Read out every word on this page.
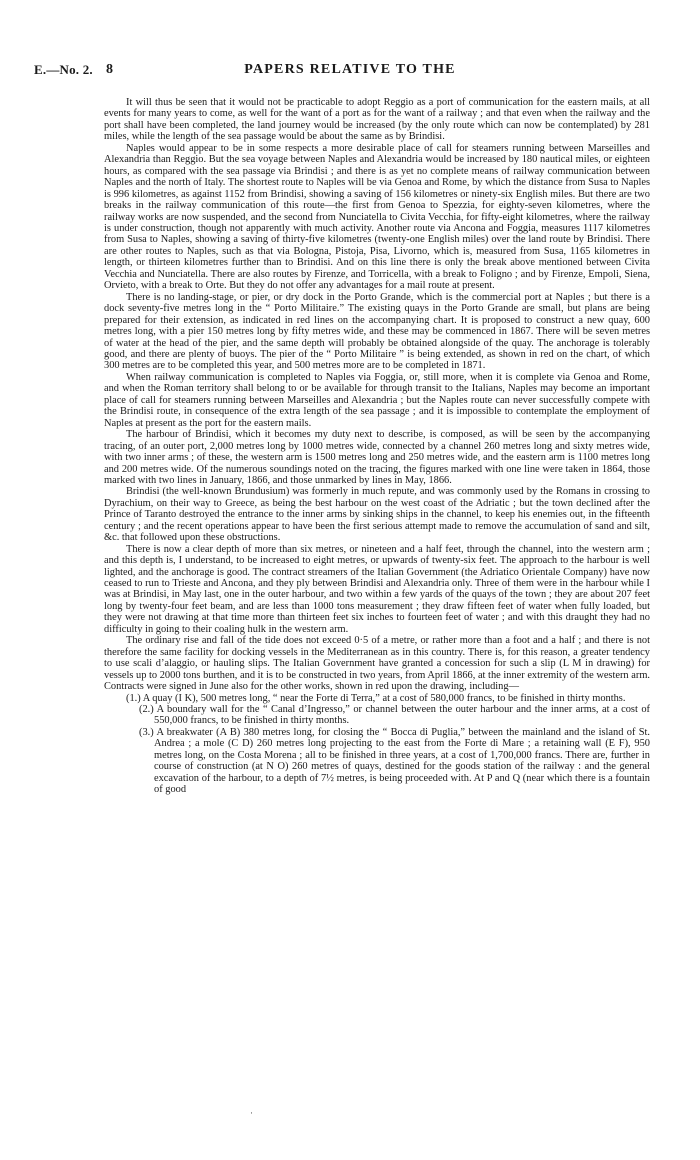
E.—No. 2. 8	PAPERS RELATIVE TO THE

It will thus be seen that it would not be practicable to adopt Reggio as a port of communication for the eastern mails, at all events for many years to come, as well for the want of a port as for the want of a railway ; and that even when the railway and the port shall have been completed, the land journey would be increased (by the only route which can now be contemplated) by 281 miles, while the length of the sea passage would be about the same as by Brindisi.

Naples would appear to be in some respects a more desirable place of call for steamers running between Marseilles and Alexandria than Reggio. But the sea voyage between Naples and Alexandria would be increased by 180 nautical miles, or eighteen hours, as compared with the sea passage via Brindisi ; and there is as yet no complete means of railway communication between Naples and the north of Italy. The shortest route to Naples will be via Genoa and Rome, by which the distance from Susa to Naples is 996 kilometres, as against 1152 from Brindisi, showing a saving of 156 kilometres or ninety-six English miles. But there are two breaks in the railway communication of this route—the first from Genoa to Spezzia, for eighty-seven kilometres, where the railway works are now suspended, and the second from Nunciatella to Civita Vecchia, for fifty-eight kilometres, where the railway is under construction, though not apparently with much activity. Another route via Ancona and Foggia, measures 1117 kilometres from Susa to Naples, showing a saving of thirty-five kilometres (twenty-one English miles) over the land route by Brindisi. There are other routes to Naples, such as that via Bologna, Pistoja, Pisa, Livorno, which is, measured from Susa, 1165 kilometres in length, or thirteen kilometres further than to Brindisi. And on this line there is only the break above mentioned between Civita Vecchia and Nunciatella. There are also routes by Firenze, and Torricella, with a break to Foligno ; and by Firenze, Empoli, Siena, Orvieto, with a break to Orte. But they do not offer any advantages for a mail route at present.

There is no landing-stage, or pier, or dry dock in the Porto Grande, which is the commercial port at Naples ; but there is a dock seventy-five metres long in the “ Porto Militaire.” The existing quays in the Porto Grande are small, but plans are being prepared for their extension, as indicated in red lines on the accompanying chart. It is proposed to construct a new quay, 600 metres long, with a pier 150 metres long by fifty metres wide, and these may be commenced in 1867. There will be seven metres of water at the head of the pier, and the same depth will probably be obtained alongside of the quay. The anchorage is tolerably good, and there are plenty of buoys. The pier of the “ Porto Militaire ” is being extended, as shown in red on the chart, of which 300 metres are to be completed this year, and 500 metres more are to be completed in 1871.

When railway communication is completed to Naples via Foggia, or, still more, when it is complete via Genoa and Rome, and when the Roman territory shall belong to or be available for through transit to the Italians, Naples may become an important place of call for steamers running between Marseilles and Alexandria ; but the Naples route can never successfully compete with the Brindisi route, in consequence of the extra length of the sea passage ; and it is impossible to contemplate the employment of Naples at present as the port for the eastern mails.

The harbour of Brindisi, which it becomes my duty next to describe, is composed, as will be seen by the accompanying tracing, of an outer port, 2,000 metres long by 1000 metres wide, connected by a channel 260 metres long and sixty metres wide, with two inner arms ; of these, the western arm is 1500 metres long and 250 metres wide, and the eastern arm is 1100 metres long and 200 metres wide. Of the numerous soundings noted on the tracing, the figures marked with one line were taken in 1864, those marked with two lines in January, 1866, and those unmarked by lines in May, 1866.

Brindisi (the well-known Brundusium) was formerly in much repute, and was commonly used by the Romans in crossing to Dyrachium, on their way to Greece, as being the best harbour on the west coast of the Adriatic ; but the town declined after the Prince of Taranto destroyed the entrance to the inner arms by sinking ships in the channel, to keep his enemies out, in the fifteenth century ; and the recent operations appear to have been the first serious attempt made to remove the accumulation of sand and silt, &c. that followed upon these obstructions.

There is now a clear depth of more than six metres, or nineteen and a half feet, through the channel, into the western arm ; and this depth is, I understand, to be increased to eight metres, or upwards of twenty-six feet. The approach to the harbour is well lighted, and the anchorage is good. The contract streamers of the Italian Government (the Adriatico Orientale Company) have now ceased to run to Trieste and Ancona, and they ply between Brindisi and Alexandria only. Three of them were in the harbour while I was at Brindisi, in May last, one in the outer harbour, and two within a few yards of the quays of the town ; they are about 207 feet long by twenty-four feet beam, and are less than 1000 tons measurement ; they draw fifteen feet of water when fully loaded, but they were not drawing at that time more than thirteen feet six inches to fourteen feet of water ; and with this draught they had no difficulty in going to their coaling hulk in the western arm.

The ordinary rise and fall of the tide does not exceed 0·5 of a metre, or rather more than a foot and a half ; and there is not therefore the same facility for docking vessels in the Mediterranean as in this country. There is, for this reason, a greater tendency to use scali d’alaggio, or hauling slips. The Italian Government have granted a concession for such a slip (L M in drawing) for vessels up to 2000 tons burthen, and it is to be constructed in two years, from April 1866, at the inner extremity of the western arm. Contracts were signed in June also for the other works, shown in red upon the drawing, including—

(1.) A quay (I K), 500 metres long, “ near the Forte di Terra,” at a cost of 580,000 francs, to be finished in thirty months.
(2.) A boundary wall for the “ Canal d’Ingresso,” or channel between the outer harbour and the inner arms, at a cost of 550,000 francs, to be finished in thirty months.
(3.) A breakwater (A B) 380 metres long, for closing the “ Bocca di Puglia,” between the mainland and the island of St. Andrea ; a mole (C D) 260 metres long projecting to the east from the Forte di Mare ; a retaining wall (E F), 950 metres long, on the Costa Morena ; all to be finished in three years, at a cost of 1,700,000 francs. There are, further in course of construction (at N O) 260 metres of quays, destined for the goods station of the railway : and the general excavation of the harbour, to a depth of 7½ metres, is being proceeded with. At P and Q (near which there is a fountain of good
·
